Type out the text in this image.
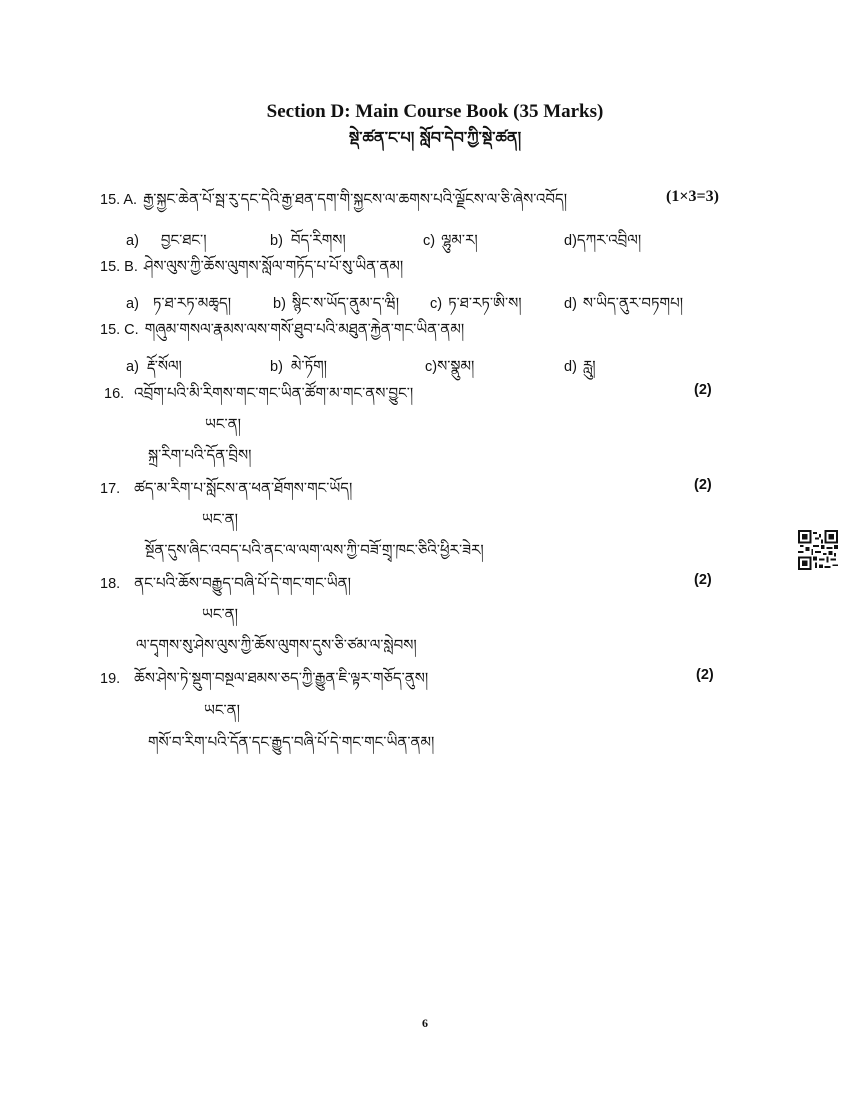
Section D: Main Course Book (35 Marks)
སྡེ་ཚན་ང་པ། སློབ་དེབ་ཀྱི་སྡེ་ཚན།
15. A. རྒྱ་སྐྱང་ཆེན་པོ་སྦ་རུ་དང་དེའི་རྒྱ་ཐན་དག་གི་སྐྱངས་ལ་ཆགས་པའི་ལྗོངས་ལ་ཅི་ཞེས་འབོད།	(1×3=3)
a) བྱང་ཐང་།	b) བོད་རིགས།	c) ལྷུམ་ར།	d)དཀར་འབྲིལ།
15. B. ཤེས་ལུས་ཀྱི་ཆོས་ལུགས་སློལ་གཏོད་པ་པོ་སུ་ཡིན་ནམ།
a) ཏ་ཐ་རཏ་མཆྭད།	b) སྙིང་ས་ཡོད་ནུམ་ད་ཝི། c) ཏ་ཐ་རཏ་ཨི་ས།	d) ས་ཡིད་ནུར་བཏགཔ།
15. C. གཞུམ་གསལ་རྣམས་ལས་གསོ་ཐུབ་པའི་མཐུན་རྐྱེན་གང་ཡིན་ནམ།
a) རྡོ་སོལ།	b) མེ་ཏོག།	c)ས་སྣུམ།	d) རླུ།
16. འབྲོག་པའི་མི་རིགས་གང་གང་ཡིན་ཚོག་མ་གང་ནས་བྱུང་།	(2)
ཡང་ན།
སྐྲ་རིག་པའི་དོན་བྲིས།
17. ཚད་མ་རིག་པ་སློངས་ན་ཕན་ཐོགས་གང་ཡོད།	(2)
ཡང་ན།
སྔོན་དུས་ཞིང་འབད་པའི་ནང་ལ་ལག་ལས་ཀྱི་བཟོ་གྲྭ་ཁང་ཅིའི་ཕྱིར་ཟེར།
18. ནང་པའི་ཆོས་བརྒྱུད་བཞི་པོ་དེ་གང་གང་ཡིན།	(2)
ཡང་ན།
ལ་དྭགས་སུ་ཤེས་ལུས་ཀྱི་ཆོས་ལུགས་དུས་ཅི་ཙམ་ལ་སླེབས།
19. ཆོས་ཤེས་ཏེ་སྡུག་བསྔལ་ཐམས་ཅད་ཀྱི་རྒྱུན་ཇི་ལྟར་གཅོད་ནུས།	(2)
ཡང་ན།
གསོ་བ་རིག་པའི་དོན་དང་རྒྱུད་བཞི་པོ་དེ་གང་གང་ཡིན་ནམ།
6
